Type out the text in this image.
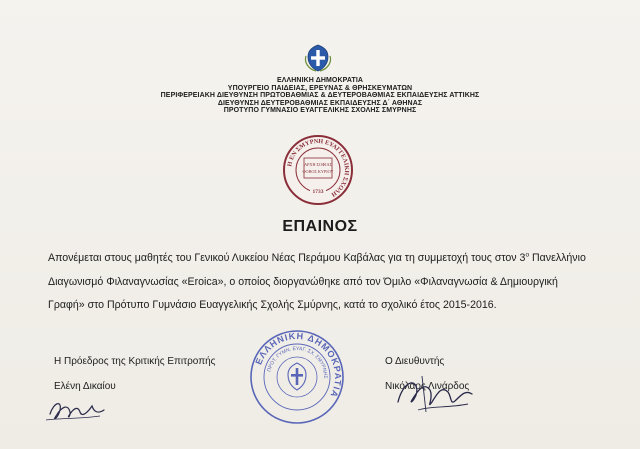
ΕΛΛΗΝΙΚΗ ΔΗΜΟΚΡΑΤΙΑ
ΥΠΟΥΡΓΕΙΟ ΠΑΙΔΕΙΑΣ, ΕΡΕΥΝΑΣ & ΘΡΗΣΚΕΥΜΑΤΩΝ
ΠΕΡΙΦΕΡΕΙΑΚΗ ΔΙΕΥΘΥΝΣΗ ΠΡΩΤΟΒΑΘΜΙΑΣ & ΔΕΥΤΕΡΟΒΑΘΜΙΑΣ ΕΚΠΑΙΔΕΥΣΗΣ ΑΤΤΙΚΗΣ
ΔΙΕΥΘΥΝΣΗ ΔΕΥΤΕΡΟΒΑΘΜΙΑΣ ΕΚΠΑΙΔΕΥΣΗΣ Δ΄ ΑΘΗΝΑΣ
ΠΡΟΤΥΠΟ ΓΥΜΝΑΣΙΟ ΕΥΑΓΓΕΛΙΚΗΣ ΣΧΟΛΗΣ ΣΜΥΡΝΗΣ
Η ΕΝ ΣΜΥΡΝΗ ΕΥΑΓΓΕΛΙΚΗ ΣΧΟΛΗ
ΑΡΧΗ ΣΟΦΙΑΣ
ΦΟΒΟΣ ΚΥΡΙΟΥ
1733
ΕΠΑΙΝΟΣ
Απονέμεται στους μαθητές του Γενικού Λυκείου Νέας Περάμου Καβάλας για τη συμμετοχή τους στον $3^o$ Πανελλήνιο
Διαγωνισμό Φιλαναγνωσίας «Eroica», ο οποίος διοργανώθηκε από τον Όμιλο «Φιλαναγνωσία & Δημιουργική
Γραφή» στο Πρότυπο Γυμνάσιο Ευαγγελικής Σχολής Σμύρνης, κατά το σχολικό έτος 2015-2016.
Η Πρόεδρος της Κριτικής Επιτροπής
Ελένη Δικαίου
Ο Διευθυντής
Νικόλαος Λινάρδος
ΕΛΛΗΝΙΚΗ ΔΗΜΟΚΡΑΤΙΑ
ΠΡΟΤ. ΓΥΜΝ. ΕΥΑΓ. ΣΧ. ΣΜΥΡΝΗΣ
